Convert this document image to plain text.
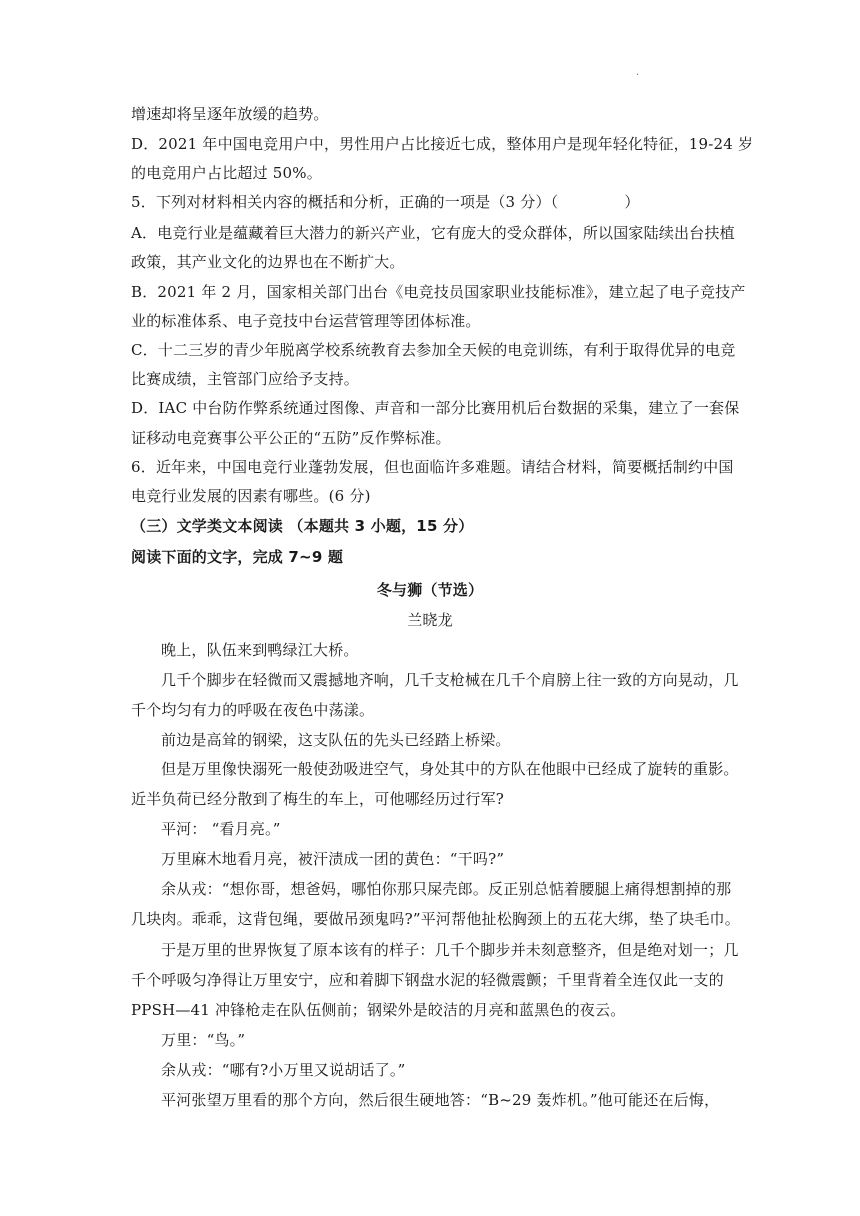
·
增速却将呈逐年放缓的趋势。
D．2021 年中国电竞用户中，男性用户占比接近七成，整体用户是现年轻化特征，19-24 岁
的电竞用户占比超过 50%。
5．下列对材料相关内容的概括和分析，正确的一项是（3 分）（	）
A．电竞行业是蕴藏着巨大潜力的新兴产业，它有庞大的受众群体，所以国家陆续出台扶植
政策，其产业文化的边界也在不断扩大。
B．2021 年 2 月，国家相关部门出台《电竞技员国家职业技能标准》，建立起了电子竞技产
业的标准体系、电子竞技中台运营管理等团体标准。
C．十二三岁的青少年脱离学校系统教育去参加全天候的电竞训练，有利于取得优异的电竞
比赛成绩，主管部门应给予支持。
D．IAC 中台防作弊系统通过图像、声音和一部分比赛用机后台数据的采集，建立了一套保
证移动电竞赛事公平公正的“五防”反作弊标准。
6．近年来，中国电竞行业蓬勃发展，但也面临许多难题。请结合材料，简要概括制约中国
电竞行业发展的因素有哪些。(6 分)
（三）文学类文本阅读 （本题共 3 小题，15 分）
阅读下面的文字，完成 7~9 题
冬与狮（节选）
兰晓龙
晚上，队伍来到鸭绿江大桥。
几千个脚步在轻微而又震撼地齐响，几千支枪械在几千个肩膀上往一致的方向晃动，几
千个均匀有力的呼吸在夜色中荡漾。
前边是高耸的钢梁，这支队伍的先头已经踏上桥梁。
但是万里像快溺死一般使劲吸进空气，身处其中的方队在他眼中已经成了旋转的重影。
近半负荷已经分散到了梅生的车上，可他哪经历过行军?
平河： “看月亮。”
万里麻木地看月亮，被汗渍成一团的黄色：“干吗?”
余从戎：“想你哥，想爸妈，哪怕你那只屎壳郎。反正别总惦着腰腿上痛得想割掉的那
几块肉。乖乖，这背包绳，要做吊颈鬼吗?”平河帮他扯松胸颈上的五花大绑，垫了块毛巾。
于是万里的世界恢复了原本该有的样子：几千个脚步并未刻意整齐，但是绝对划一；几
千个呼吸匀净得让万里安宁，应和着脚下钢盘水泥的轻微震颤；千里背着全连仅此一支的
PPSH—41 冲锋枪走在队伍侧前；钢梁外是皎洁的月亮和蓝黑色的夜云。
万里：“鸟。”
余从戎：“哪有?小万里又说胡话了。”
平河张望万里看的那个方向，然后很生硬地答：“B~29 轰炸机。”他可能还在后悔，
